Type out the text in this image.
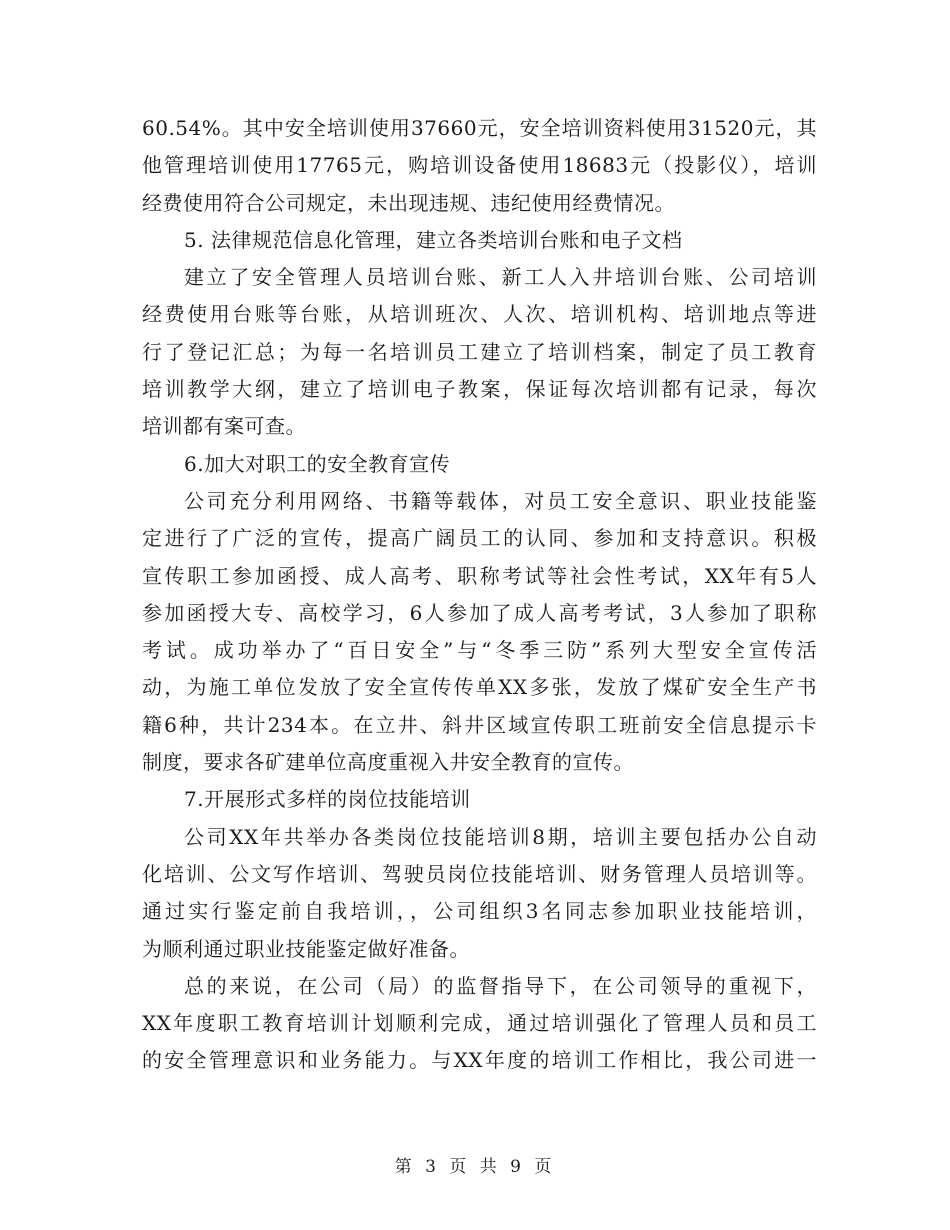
60.54%。其中安全培训使用37660元，安全培训资料使用31520元，其
他管理培训使用17765元，购培训设备使用18683元（投影仪），培训
经费使用符合公司规定，未出现违规、违纪使用经费情况。
5. 法律规范信息化管理，建立各类培训台账和电子文档
建立了安全管理人员培训台账、新工人入井培训台账、公司培训
经费使用台账等台账，从培训班次、人次、培训机构、培训地点等进
行了登记汇总；为每一名培训员工建立了培训档案，制定了员工教育
培训教学大纲，建立了培训电子教案，保证每次培训都有记录，每次
培训都有案可查。
6.加大对职工的安全教育宣传
公司充分利用网络、书籍等载体，对员工安全意识、职业技能鉴
定进行了广泛的宣传，提高广阔员工的认同、参加和支持意识。积极
宣传职工参加函授、成人高考、职称考试等社会性考试，XX年有5人
参加函授大专、高校学习，6人参加了成人高考考试，3人参加了职称
考试。成功举办了“百日安全”与“冬季三防”系列大型安全宣传活
动，为施工单位发放了安全宣传传单XX多张，发放了煤矿安全生产书
籍6种，共计234本。在立井、斜井区域宣传职工班前安全信息提示卡
制度，要求各矿建单位高度重视入井安全教育的宣传。
7.开展形式多样的岗位技能培训
公司XX年共举办各类岗位技能培训8期，培训主要包括办公自动
化培训、公文写作培训、驾驶员岗位技能培训、财务管理人员培训等。
通过实行鉴定前自我培训，，公司组织3名同志参加职业技能培训，
为顺利通过职业技能鉴定做好准备。
总的来说，在公司（局）的监督指导下，在公司领导的重视下，
XX年度职工教育培训计划顺利完成，通过培训强化了管理人员和员工
的安全管理意识和业务能力。与XX年度的培训工作相比，我公司进一
第 3 页 共 9 页
